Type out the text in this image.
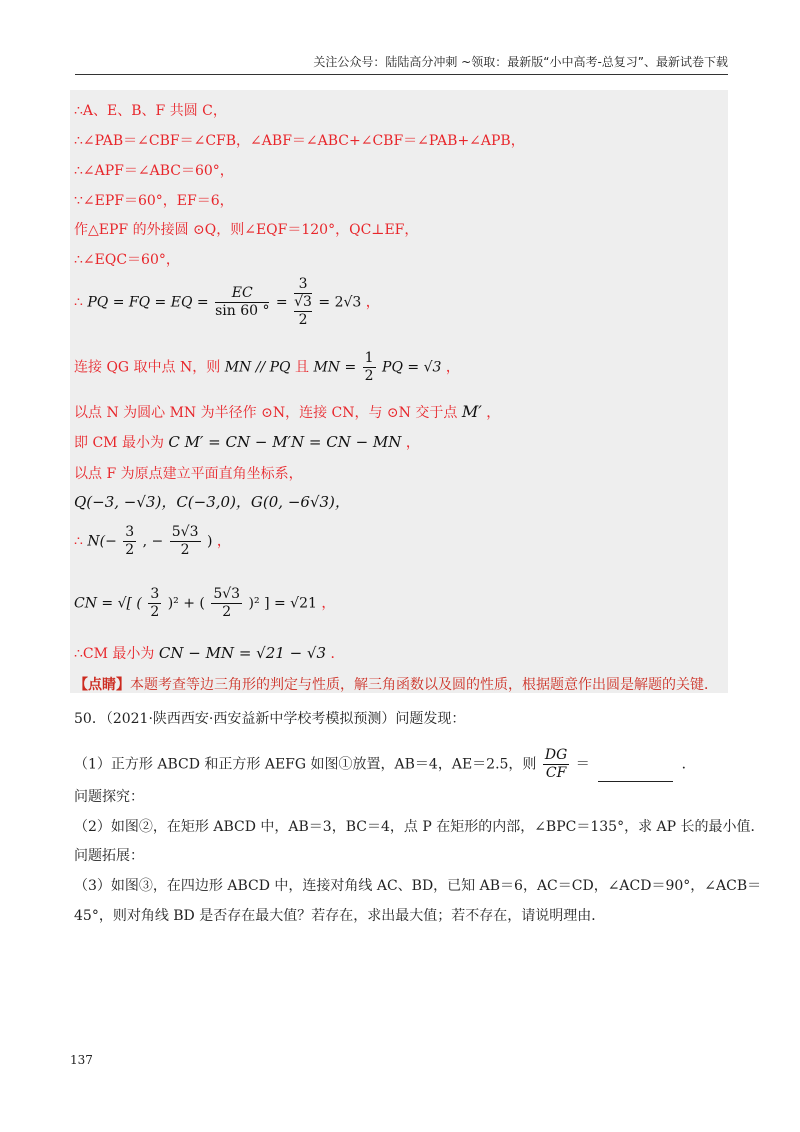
关注公众号：陆陆高分冲刺 ~领取：最新版“小中高考-总复习”、最新试卷下载
∴A、E、B、F 共圆 C，
∴∠PAB＝∠CBF＝∠CFB，∠ABF＝∠ABC+∠CBF＝∠PAB+∠APB，
∴∠APF＝∠ABC＝60°，
∵∠EPF＝60°，EF＝6，
作△EPF 的外接圆 ⊙Q，则∠EQF＝120°，QC⊥EF，
∴∠EQC＝60°，
∴ PQ = FQ = EQ = $\frac{EC}{\sin 60 ^\circ} = 3$
√3
2 = 2√3 ，
连接 QG 取中点 N，则 MN // PQ 且 MN = $\frac{1}{2}$ PQ = √3 ，
以点 N 为圆心 MN 为半径作 ⊙N，连接 CN，与 ⊙N 交于点 M′ ，
即 CM 最小为 C M′ = CN − M′N = CN − MN ，
以点 F 为原点建立平面直角坐标系，
Q(−3, −√3)，C(−3,0)，G(0, −6√3)，
∴ $N(- \frac{3}{2}$ , − $\frac{5√3}{2}$ ) ，
CN = √[ ( $\frac{3}{2} )^2$ + ( $\frac{5√3}{2} )^2$ ] = √21 ，
∴CM 最小为 CN − MN = √21 − √3 ．
【点睛】本题考查等边三角形的判定与性质，解三角函数以及圆的性质，根据题意作出圆是解题的关键．
50．（2021·陕西西安·西安益新中学校考模拟预测）问题发现：
（1）正方形 ABCD 和正方形 AEFG 如图①放置，AB＝4，AE＝2.5，则 $\frac{DG}{CF}$ ＝	．
问题探究：
（2）如图②，在矩形 ABCD 中，AB＝3，BC＝4，点 P 在矩形的内部，∠BPC＝135°，求 AP 长的最小值．
问题拓展：
（3）如图③，在四边形 ABCD 中，连接对角线 AC、BD，已知 AB＝6，AC＝CD，∠ACD＝90°，∠ACB＝
45°，则对角线 BD 是否存在最大值？若存在，求出最大值；若不存在，请说明理由．
137
